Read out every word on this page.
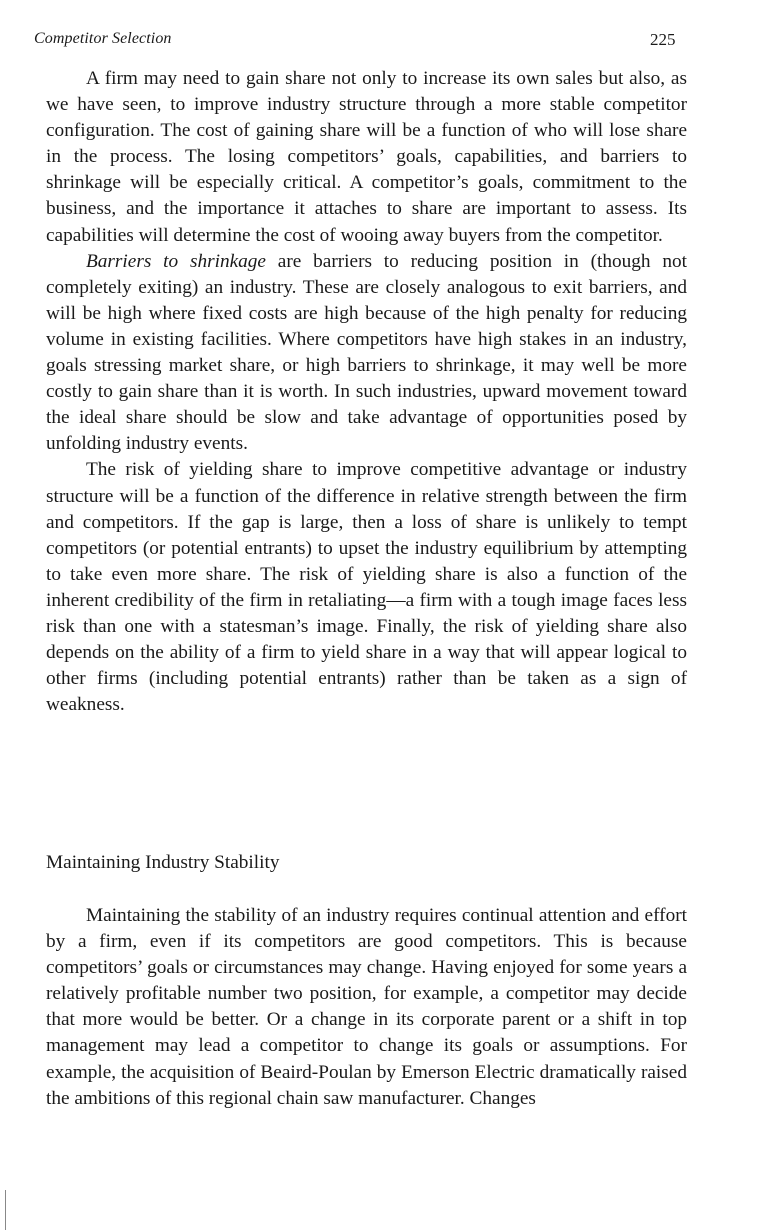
Competitor Selection	225

A firm may need to gain share not only to increase its own sales but also, as we have seen, to improve industry structure through a more stable competitor configuration. The cost of gaining share will be a function of who will lose share in the process. The losing competitors’ goals, capabilities, and barriers to shrinkage will be especially critical. A competitor’s goals, commitment to the business, and the importance it attaches to share are important to assess. Its capabilities will determine the cost of wooing away buyers from the competitor.

Barriers to shrinkage are barriers to reducing position in (though not completely exiting) an industry. These are closely analogous to exit barriers, and will be high where fixed costs are high because of the high penalty for reducing volume in existing facilities. Where competitors have high stakes in an industry, goals stressing market share, or high barriers to shrinkage, it may well be more costly to gain share than it is worth. In such industries, upward movement toward the ideal share should be slow and take advantage of opportunities posed by unfolding industry events.

The risk of yielding share to improve competitive advantage or industry structure will be a function of the difference in relative strength between the firm and competitors. If the gap is large, then a loss of share is unlikely to tempt competitors (or potential entrants) to upset the industry equilibrium by attempting to take even more share. The risk of yielding share is also a function of the inherent credibility of the firm in retaliating—a firm with a tough image faces less risk than one with a statesman’s image. Finally, the risk of yielding share also depends on the ability of a firm to yield share in a way that will appear logical to other firms (including potential entrants) rather than be taken as a sign of weakness.

Maintaining Industry Stability

Maintaining the stability of an industry requires continual attention and effort by a firm, even if its competitors are good competitors. This is because competitors’ goals or circumstances may change. Having enjoyed for some years a relatively profitable number two position, for example, a competitor may decide that more would be better. Or a change in its corporate parent or a shift in top management may lead a competitor to change its goals or assumptions. For example, the acquisition of Beaird-Poulan by Emerson Electric dramatically raised the ambitions of this regional chain saw manufacturer. Changes
